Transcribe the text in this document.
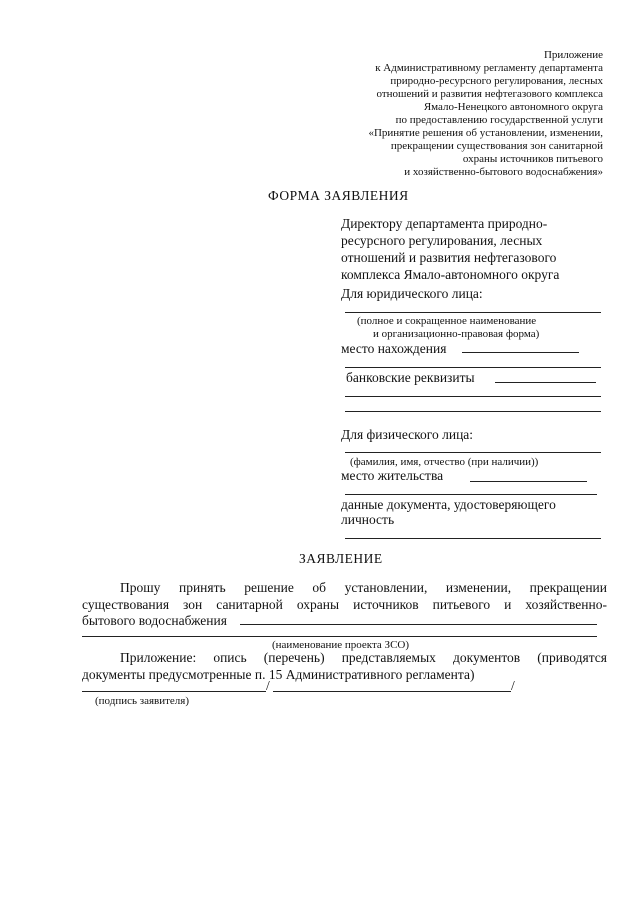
Приложение
к Административному регламенту департамента
природно-ресурсного регулирования, лесных
отношений и развития нефтегазового комплекса
Ямало-Ненецкого автономного округа
по предоставлению государственной услуги
«Принятие решения об установлении, изменении,
прекращении существования зон санитарной
охраны источников питьевого
и хозяйственно-бытового водоснабжения»
ФОРМА ЗАЯВЛЕНИЯ
Директору департамента природно-
ресурсного регулирования, лесных
отношений и развития нефтегазового
комплекса Ямало-автономного округа
Для юридического лица:
(полное и сокращенное наименование
и организационно-правовая форма)
место нахождения
банковские реквизиты
Для физического лица:
(фамилия, имя, отчество (при наличии))
место жительства
данные документа, удостоверяющего
личность
ЗАЯВЛЕНИЕ
Прошу принять решение об установлении, изменении, прекращении
существования зон санитарной охраны источников питьевого и хозяйственно-
бытового водоснабжения
(наименование проекта ЗСО)
Приложение: опись (перечень) представляемых документов (приводятся
документы предусмотренные п. 15 Административного регламента)
/	/
(подпись заявителя)
